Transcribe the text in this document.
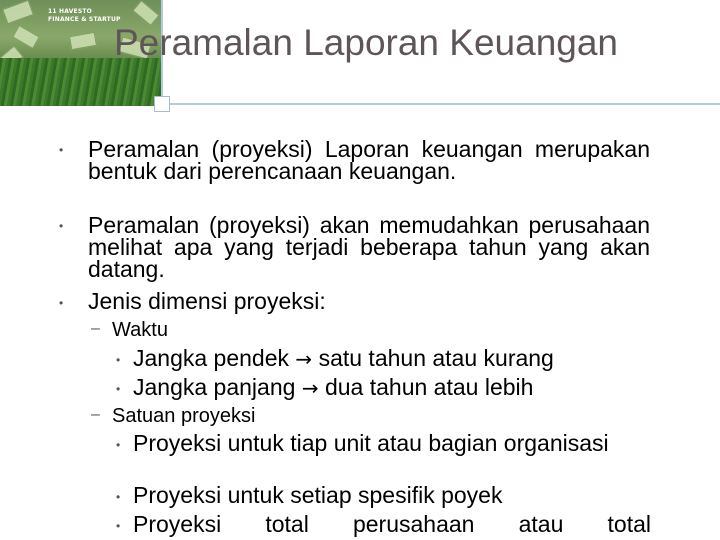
11 HAVESTO
FINANCE & STARTUP
Peramalan Laporan Keuangan
• Peramalan (proyeksi) Laporan keuangan merupakan bentuk dari perencanaan keuangan.
• Peramalan (proyeksi) akan memudahkan perusahaan melihat apa yang terjadi beberapa tahun yang akan datang.
• Jenis dimensi proyeksi:
– Waktu
• Jangka pendek → satu tahun atau kurang
• Jangka panjang → dua tahun atau lebih
– Satuan proyeksi
• Proyeksi untuk tiap unit atau bagian organisasi
• Proyeksi untuk setiap spesifik poyek
• Proyeksi total perusahaan atau total
